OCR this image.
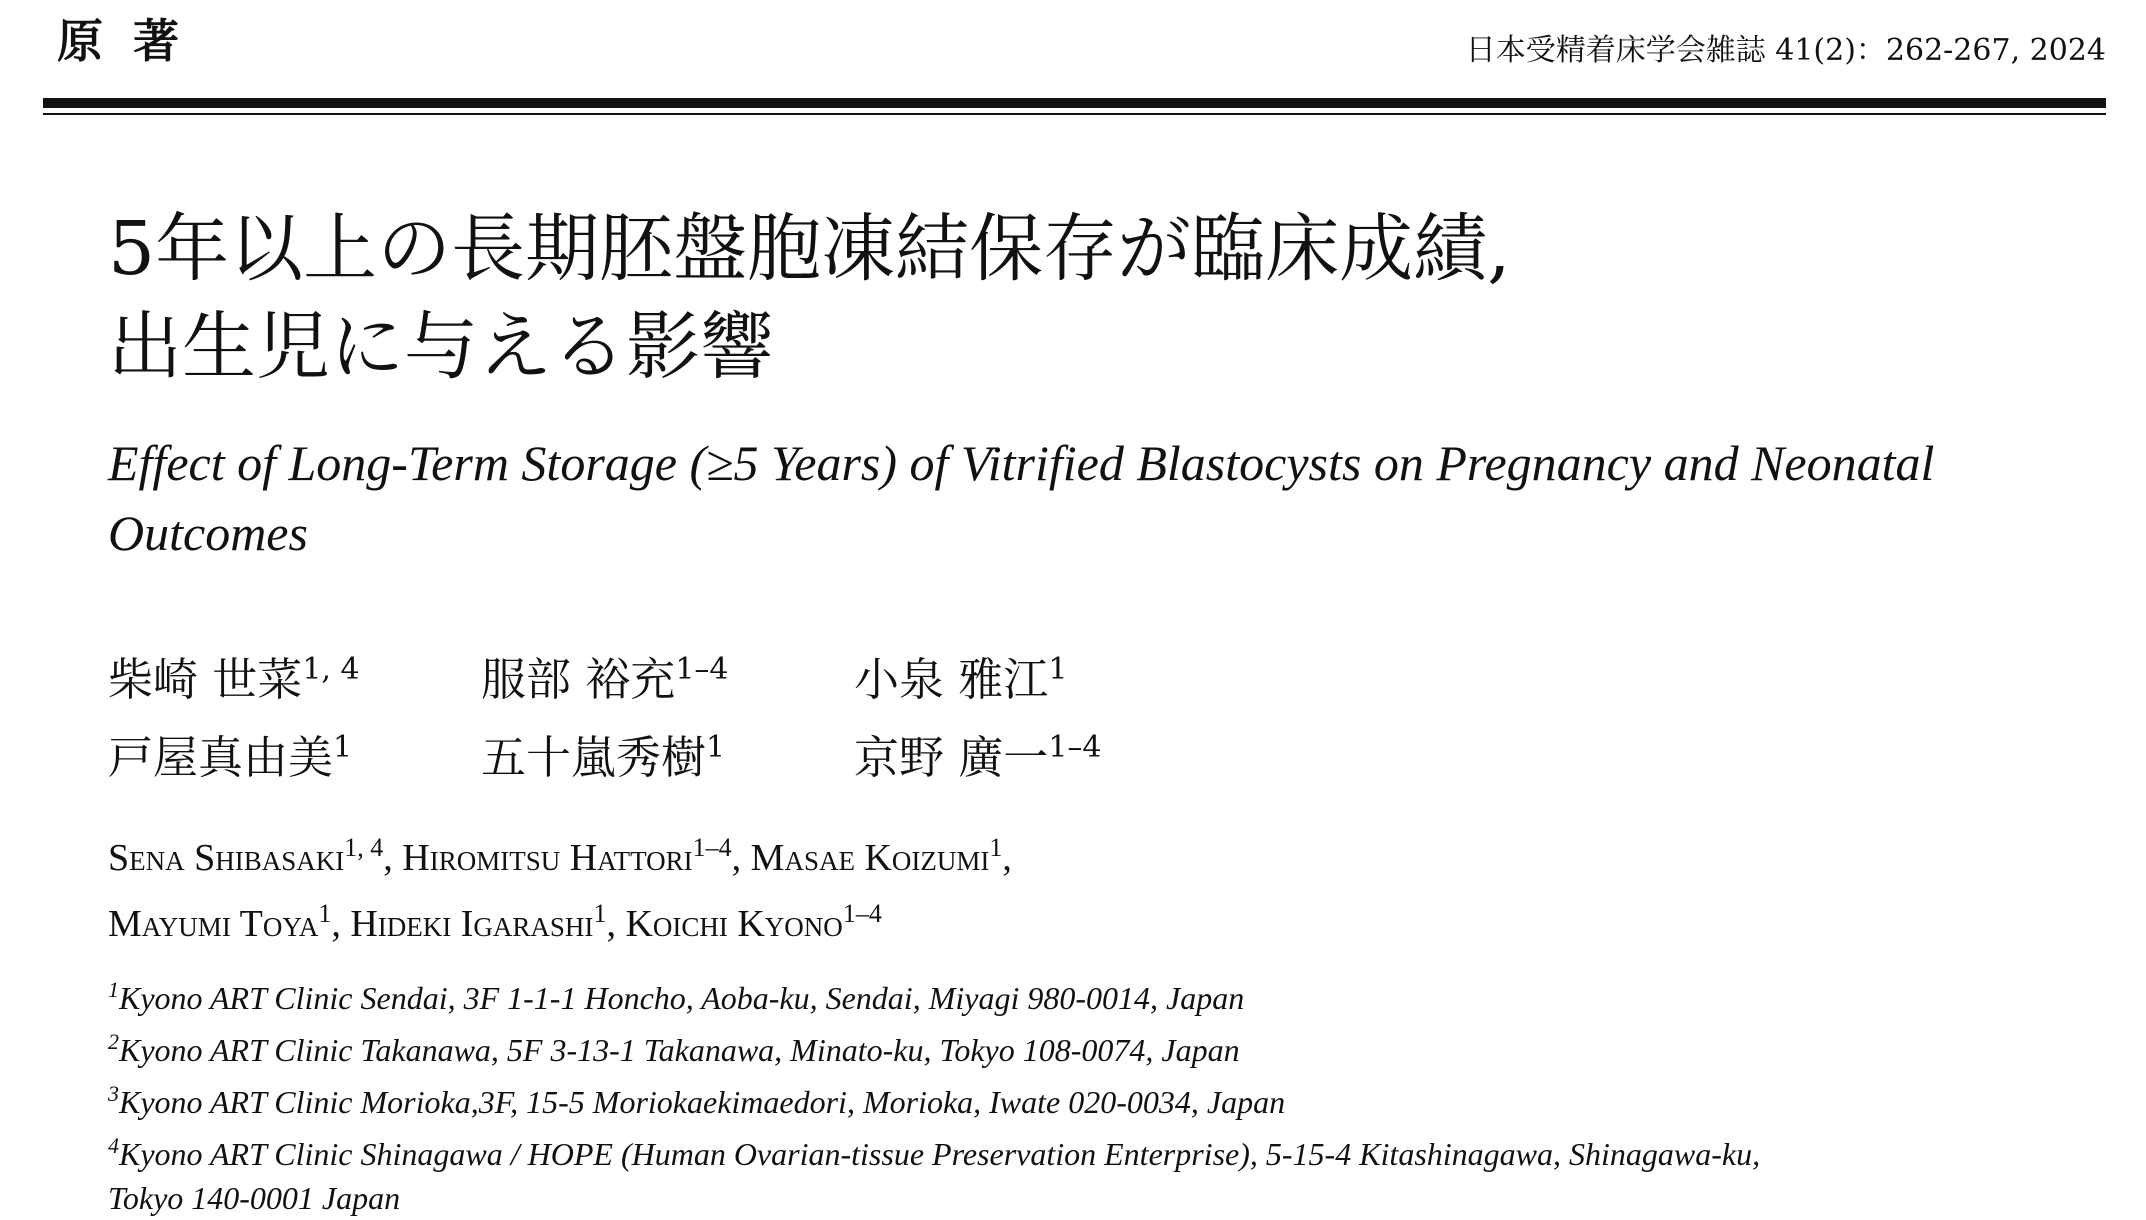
原著	日本受精着床学会雑誌 41(2)：262-267, 2024
5年以上の長期胚盤胞凍結保存が臨床成績,
出生児に与える影響
Effect of Long-Term Storage (≥5 Years) of Vitrified Blastocysts on Pregnancy and Neonatal Outcomes
柴崎 世菜$^{1, 4}$	服部 裕充$^{1-4}$	小泉 雅江$^1$
戸屋真由美$^1$	五十嵐秀樹$^1$	京野 廣一$^{1-4}$
Sena Shibasaki$^{1, 4}$, Hiromitsu Hattori$^{1-4}$, Masae Koizumi$^1$,
Mayumi Toya$^1$, Hideki Igarashi$^1$, Koichi Kyono$^{1-4}$
$^1$Kyono ART Clinic Sendai, 3F 1-1-1 Honcho, Aoba-ku, Sendai, Miyagi 980-0014, Japan
$^2$Kyono ART Clinic Takanawa, 5F 3-13-1 Takanawa, Minato-ku, Tokyo 108-0074, Japan
$^3$Kyono ART Clinic Morioka,3F, 15-5 Moriokaekimaedori, Morioka, Iwate 020-0034, Japan
$^4$Kyono ART Clinic Shinagawa / HOPE (Human Ovarian-tissue Preservation Enterprise), 5-15-4 Kitashinagawa, Shinagawa-ku,
Tokyo 140-0001 Japan
